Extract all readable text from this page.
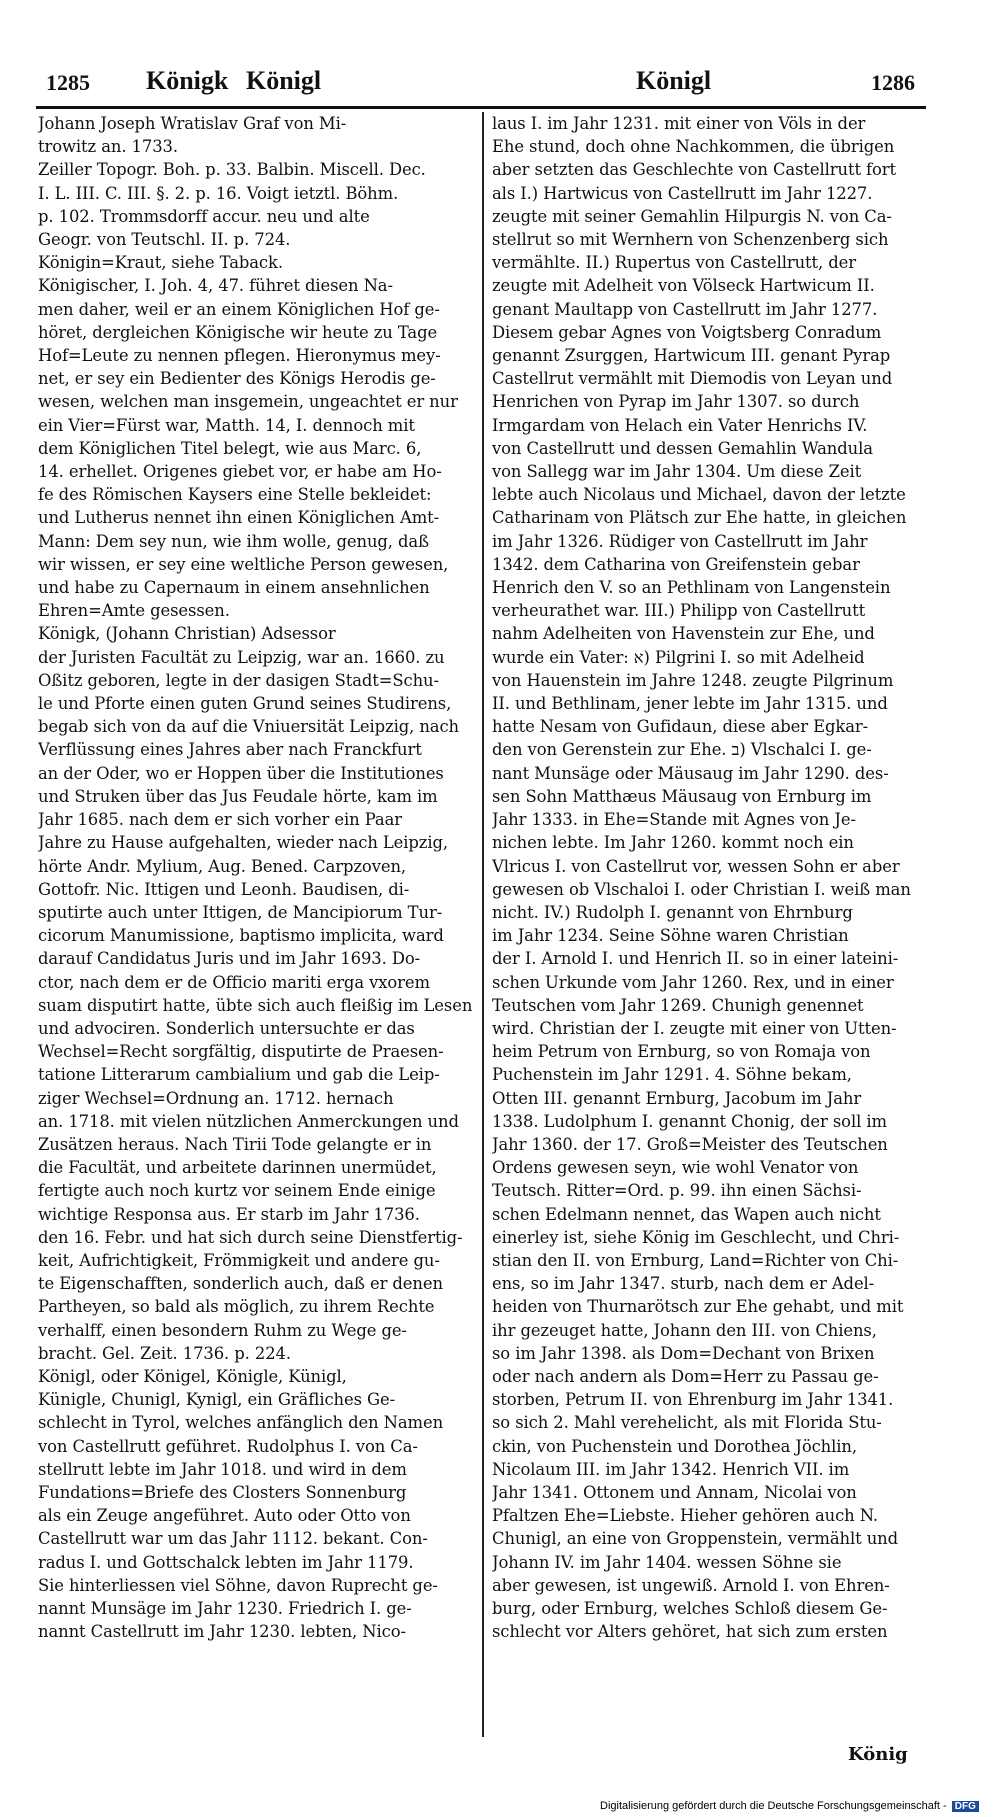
1285 Königk Königl	Königl	1286
Johann Joseph Wratislav Graf von Mi-
trowitz an. 1733.
Zeiller Topogr. Boh. p. 33. Balbin. Miscell. Dec.
I. L. III. C. III. §. 2. p. 16. Voigt ietztl. Böhm.
p. 102. Trommsdorff accur. neu und alte
Geogr. von Teutschl. II. p. 724.
Königin=Kraut, siehe Taback.
Königischer, I. Joh. 4, 47. führet diesen Na-
men daher, weil er an einem Königlichen Hof ge-
höret, dergleichen Königische wir heute zu Tage
Hof=Leute zu nennen pflegen. Hieronymus mey-
net, er sey ein Bedienter des Königs Herodis ge-
wesen, welchen man insgemein, ungeachtet er nur
ein Vier=Fürst war, Matth. 14, I. dennoch mit
dem Königlichen Titel belegt, wie aus Marc. 6,
14. erhellet. Origenes giebet vor, er habe am Ho-
fe des Römischen Kaysers eine Stelle bekleidet:
und Lutherus nennet ihn einen Königlichen Amt-
Mann: Dem sey nun, wie ihm wolle, genug, daß
wir wissen, er sey eine weltliche Person gewesen,
und habe zu Capernaum in einem ansehnlichen
Ehren=Amte gesessen.
Königk, (Johann Christian) Adsessor
der Juristen Facultät zu Leipzig, war an. 1660. zu
Oßitz geboren, legte in der dasigen Stadt=Schu-
le und Pforte einen guten Grund seines Studirens,
begab sich von da auf die Vniuersität Leipzig, nach
Verflüssung eines Jahres aber nach Franckfurt
an der Oder, wo er Hoppen über die Institutiones
und Struken über das Jus Feudale hörte, kam im
Jahr 1685. nach dem er sich vorher ein Paar
Jahre zu Hause aufgehalten, wieder nach Leipzig,
hörte Andr. Mylium, Aug. Bened. Carpzoven,
Gottofr. Nic. Ittigen und Leonh. Baudisen, di-
sputirte auch unter Ittigen, de Mancipiorum Tur-
cicorum Manumissione, baptismo implicita, ward
darauf Candidatus Juris und im Jahr 1693. Do-
ctor, nach dem er de Officio mariti erga vxorem
suam disputirt hatte, übte sich auch fleißig im Lesen
und advociren. Sonderlich untersuchte er das
Wechsel=Recht sorgfältig, disputirte de Praesen-
tatione Litterarum cambialium und gab die Leip-
ziger Wechsel=Ordnung an. 1712. hernach
an. 1718. mit vielen nützlichen Anmerckungen und
Zusätzen heraus. Nach Tirii Tode gelangte er in
die Facultät, und arbeitete darinnen unermüdet,
fertigte auch noch kurtz vor seinem Ende einige
wichtige Responsa aus. Er starb im Jahr 1736.
den 16. Febr. und hat sich durch seine Dienstfertig-
keit, Aufrichtigkeit, Frömmigkeit und andere gu-
te Eigenschafften, sonderlich auch, daß er denen
Partheyen, so bald als möglich, zu ihrem Rechte
verhalff, einen besondern Ruhm zu Wege ge-
bracht. Gel. Zeit. 1736. p. 224.
Königl, oder Königel, Königle, Künigl,
Künigle, Chunigl, Kynigl, ein Gräfliches Ge-
schlecht in Tyrol, welches anfänglich den Namen
von Castellrutt geführet. Rudolphus I. von Ca-
stellrutt lebte im Jahr 1018. und wird in dem
Fundations=Briefe des Closters Sonnenburg
als ein Zeuge angeführet. Auto oder Otto von
Castellrutt war um das Jahr 1112. bekant. Con-
radus I. und Gottschalck lebten im Jahr 1179.
Sie hinterliessen viel Söhne, davon Ruprecht ge-
nannt Munsäge im Jahr 1230. Friedrich I. ge-
nannt Castellrutt im Jahr 1230. lebten, Nico-
laus I. im Jahr 1231. mit einer von Völs in der
Ehe stund, doch ohne Nachkommen, die übrigen
aber setzten das Geschlechte von Castellrutt fort
als I.) Hartwicus von Castellrutt im Jahr 1227.
zeugte mit seiner Gemahlin Hilpurgis N. von Ca-
stellrut so mit Wernhern von Schenzenberg sich
vermählte. II.) Rupertus von Castellrutt, der
zeugte mit Adelheit von Völseck Hartwicum II.
genant Maultapp von Castellrutt im Jahr 1277.
Diesem gebar Agnes von Voigtsberg Conradum
genannt Zsurggen, Hartwicum III. genant Pyrap
Castellrut vermählt mit Diemodis von Leyan und
Henrichen von Pyrap im Jahr 1307. so durch
Irmgardam von Helach ein Vater Henrichs IV.
von Castellrutt und dessen Gemahlin Wandula
von Sallegg war im Jahr 1304. Um diese Zeit
lebte auch Nicolaus und Michael, davon der letzte
Catharinam von Plätsch zur Ehe hatte, in gleichen
im Jahr 1326. Rüdiger von Castellrutt im Jahr
1342. dem Catharina von Greifenstein gebar
Henrich den V. so an Pethlinam von Langenstein
verheurathet war. III.) Philipp von Castellrutt
nahm Adelheiten von Havenstein zur Ehe, und
wurde ein Vater: א) Pilgrini I. so mit Adelheid
von Hauenstein im Jahre 1248. zeugte Pilgrinum
II. und Bethlinam, jener lebte im Jahr 1315. und
hatte Nesam von Gufidaun, diese aber Egkar-
den von Gerenstein zur Ehe. ב) Vlschalci I. ge-
nant Munsäge oder Mäusaug im Jahr 1290. des-
sen Sohn Matthæus Mäusaug von Ernburg im
Jahr 1333. in Ehe=Stande mit Agnes von Je-
nichen lebte. Im Jahr 1260. kommt noch ein
Vlricus I. von Castellrut vor, wessen Sohn er aber
gewesen ob Vlschaloi I. oder Christian I. weiß man
nicht. IV.) Rudolph I. genannt von Ehrnburg
im Jahr 1234. Seine Söhne waren Christian
der I. Arnold I. und Henrich II. so in einer lateini-
schen Urkunde vom Jahr 1260. Rex, und in einer
Teutschen vom Jahr 1269. Chunigh genennet
wird. Christian der I. zeugte mit einer von Utten-
heim Petrum von Ernburg, so von Romaja von
Puchenstein im Jahr 1291. 4. Söhne bekam,
Otten III. genannt Ernburg, Jacobum im Jahr
1338. Ludolphum I. genannt Chonig, der soll im
Jahr 1360. der 17. Groß=Meister des Teutschen
Ordens gewesen seyn, wie wohl Venator von
Teutsch. Ritter=Ord. p. 99. ihn einen Sächsi-
schen Edelmann nennet, das Wapen auch nicht
einerley ist, siehe König im Geschlecht, und Chri-
stian den II. von Ernburg, Land=Richter von Chi-
ens, so im Jahr 1347. sturb, nach dem er Adel-
heiden von Thurnarötsch zur Ehe gehabt, und mit
ihr gezeuget hatte, Johann den III. von Chiens,
so im Jahr 1398. als Dom=Dechant von Brixen
oder nach andern als Dom=Herr zu Passau ge-
storben, Petrum II. von Ehrenburg im Jahr 1341.
so sich 2. Mahl verehelicht, als mit Florida Stu-
ckin, von Puchenstein und Dorothea Jöchlin,
Nicolaum III. im Jahr 1342. Henrich VII. im
Jahr 1341. Ottonem und Annam, Nicolai von
Pfaltzen Ehe=Liebste. Hieher gehören auch N.
Chunigl, an eine von Groppenstein, vermählt und
Johann IV. im Jahr 1404. wessen Söhne sie
aber gewesen, ist ungewiß. Arnold I. von Ehren-
burg, oder Ernburg, welches Schloß diesem Ge-
schlecht vor Alters gehöret, hat sich zum ersten
König
Digitalisierung gefördert durch die Deutsche Forschungsgemeinschaft - DFG
